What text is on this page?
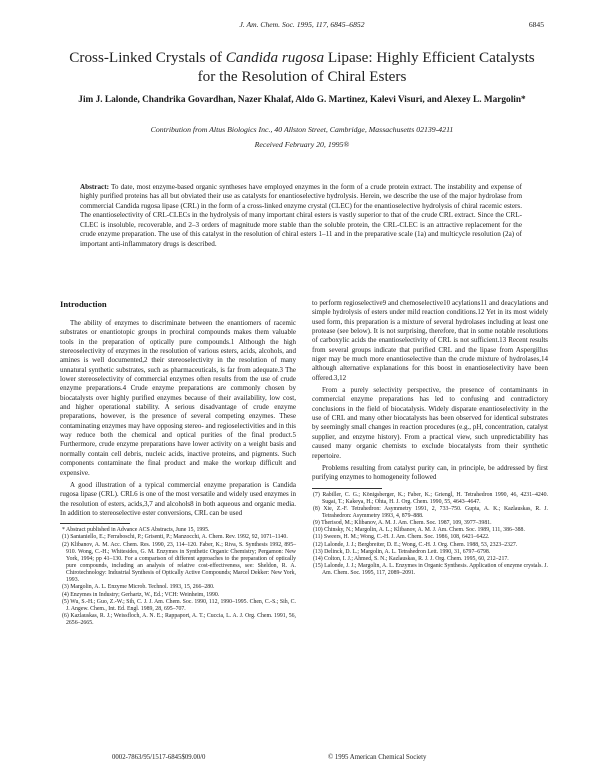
J. Am. Chem. Soc. 1995, 117, 6845–6852	6845
Cross-Linked Crystals of Candida rugosa Lipase: Highly Efficient Catalysts for the Resolution of Chiral Esters
Jim J. Lalonde, Chandrika Govardhan, Nazer Khalaf, Aldo G. Martinez, Kalevi Visuri, and Alexey L. Margolin*
Contribution from Altus Biologics Inc., 40 Allston Street, Cambridge, Massachusetts 02139-4211
Received February 20, 1995®

Abstract: To date, most enzyme-based organic syntheses have employed enzymes in the form of a crude protein extract. The instability and expense of highly purified proteins has all but obviated their use as catalysts for enantioselective hydrolysis. Herein, we describe the use of the major hydrolase from commercial Candida rugosa lipase (CRL) in the form of a cross-linked enzyme crystal (CLEC) for the enantioselective hydrolysis of chiral racemic esters. The enantioselectivity of CRL-CLECs in the hydrolysis of many important chiral esters is vastly superior to that of the crude CRL extract. Since the CRL-CLEC is insoluble, recoverable, and 2–3 orders of magnitude more stable than the soluble protein, the CRL-CLEC is an attractive replacement for the crude enzyme preparation. The use of this catalyst in the resolution of chiral esters 1–11 and in the preparative scale (1a) and multicycle resolution (2a) of important anti-inflammatory drugs is described.

Introduction

The ability of enzymes to discriminate between the enantiomers of racemic substrates or enantiotopic groups in prochiral compounds makes them valuable tools in the preparation of optically pure compounds.1 Although the high stereoselectivity of enzymes in the resolution of various esters, acids, alcohols, and amines is well documented,2 their stereoselectivity in the resolution of many unnatural synthetic substrates, such as pharmaceuticals, is far from adequate.3 The lower stereoselectivity of commercial enzymes often results from the use of crude enzyme preparations.4 Crude enzyme preparations are commonly chosen by biocatalysts over highly purified enzymes because of their availability, low cost, and higher operational stability. A serious disadvantage of crude enzyme preparations, however, is the presence of several competing enzymes. These contaminating enzymes may have opposing stereo- and regioselectivities and in this way reduce both the chemical and optical purities of the final product.5 Furthermore, crude enzyme preparations have lower activity on a weight basis and normally contain cell debris, nucleic acids, inactive proteins, and pigments. Such components contaminate the final product and make the workup difficult and expensive.

A good illustration of a typical commercial enzyme preparation is Candida rugosa lipase (CRL). CRL6 is one of the most versatile and widely used enzymes in the resolution of esters, acids,3,7 and alcohols8 in both aqueous and organic media. In addition to stereoselective ester conversions, CRL can be used

* Abstract published in Advance ACS Abstracts, June 15, 1995.
(1) Santaniello, E.; Ferraboschi, P.; Grisenti, P.; Manzocchi, A. Chem. Rev. 1992, 92, 1071–1140.
(2) Klibanov, A. M. Acc. Chem. Res. 1990, 23, 114–120. Faber, K.; Riva, S. Synthesis 1992, 895–910. Wong, C.-H.; Whitesides, G. M. Enzymes in Synthetic Organic Chemistry; Pergamon: New York, 1994; pp 41–130. For a comparison of different approaches to the preparation of optically pure compounds, including an analysis of relative cost-effectiveness, see: Sheldon, R. A. Chirotechnology: Industrial Synthesis of Optically Active Compounds; Marcel Dekker: New York, 1993.
(3) Margolin, A. L. Enzyme Microb. Technol. 1993, 15, 266–280.
(4) Enzymes in Industry; Gerhartz, W., Ed.; VCH: Weinheim, 1990.
(5) Wu, S.-H.; Guo, Z.-W.; Sih, C. J. J. Am. Chem. Soc. 1990, 112, 1990–1995. Chen, C.-S.; Sih, C. J. Angew. Chem., Int. Ed. Engl. 1989, 28, 695–707.
(6) Kazlauskas, R. J.; Weissfloch, A. N. E.; Rappaport, A. T.; Cuccia, L. A. J. Org. Chem. 1991, 56, 2656–2665.

to perform regioselective9 and chemoselective10 acylations11 and deacylations and simple hydrolysis of esters under mild reaction conditions.12 Yet in its most widely used form, this preparation is a mixture of several hydrolases including at least one protease (see below). It is not surprising, therefore, that in some notable resolutions of carboxylic acids the enantioselectivity of CRL is not sufficient.13 Recent results from several groups indicate that purified CRL and the lipase from Aspergillus niger may be much more enantioselective than the crude mixture of hydrolases,14 although alternative explanations for this boost in enantioselectivity have been offered.3,12

From a purely selectivity perspective, the presence of contaminants in commercial enzyme preparations has led to confusing and contradictory conclusions in the field of biocatalysis. Widely disparate enantioselectivity in the use of CRL and many other biocatalysts has been observed for identical substrates by seemingly small changes in reaction procedures (e.g., pH, concentration, catalyst supplier, and enzyme history). From a practical view, such unpredictability has caused many organic chemists to exclude biocatalysts from their synthetic repertoire.

Problems resulting from catalyst purity can, in principle, be addressed by first purifying enzymes to homogeneity followed

(7) Rabiller, C. G.; Königsberger, K.; Faber, K.; Griengl, H. Tetrahedron 1990, 46, 4231–4240. Sugai, T.; Kakeya, H.; Ohta, H. J. Org. Chem. 1990, 55, 4643–4647.
(8) Xie, Z.-F. Tetrahedron: Asymmetry 1991, 2, 733–750. Gupta, A. K.; Kazlauskas, R. J. Tetrahedron: Asymmetry 1993, 4, 879–888.
(9) Therisod, M.; Klibanov, A. M. J. Am. Chem. Soc. 1987, 109, 3977–3981.
(10) Chinsky, N.; Margolin, A. L.; Klibanov, A. M. J. Am. Chem. Soc. 1989, 111, 386–388.
(11) Sweers, H. M.; Wong, C.-H. J. Am. Chem. Soc. 1986, 108, 6421–6422.
(12) Lalonde, J. J.; Bergbreiter, D. E.; Wong, C.-H. J. Org. Chem. 1988, 53, 2323–2327.
(13) Delinck, D. L.; Margolin, A. L. Tetrahedron Lett. 1990, 31, 6797–6798.
(14) Colton, I. J.; Ahmed, S. N.; Kazlauskas, R. J. J. Org. Chem. 1995, 60, 212–217.
(15) Lalonde, J. J.; Margolin, A. L. Enzymes in Organic Synthesis. Application of enzyme crystals. J. Am. Chem. Soc. 1995, 117, 2089–2091.
0002-7863/95/1517-6845$09.00/0	© 1995 American Chemical Society
